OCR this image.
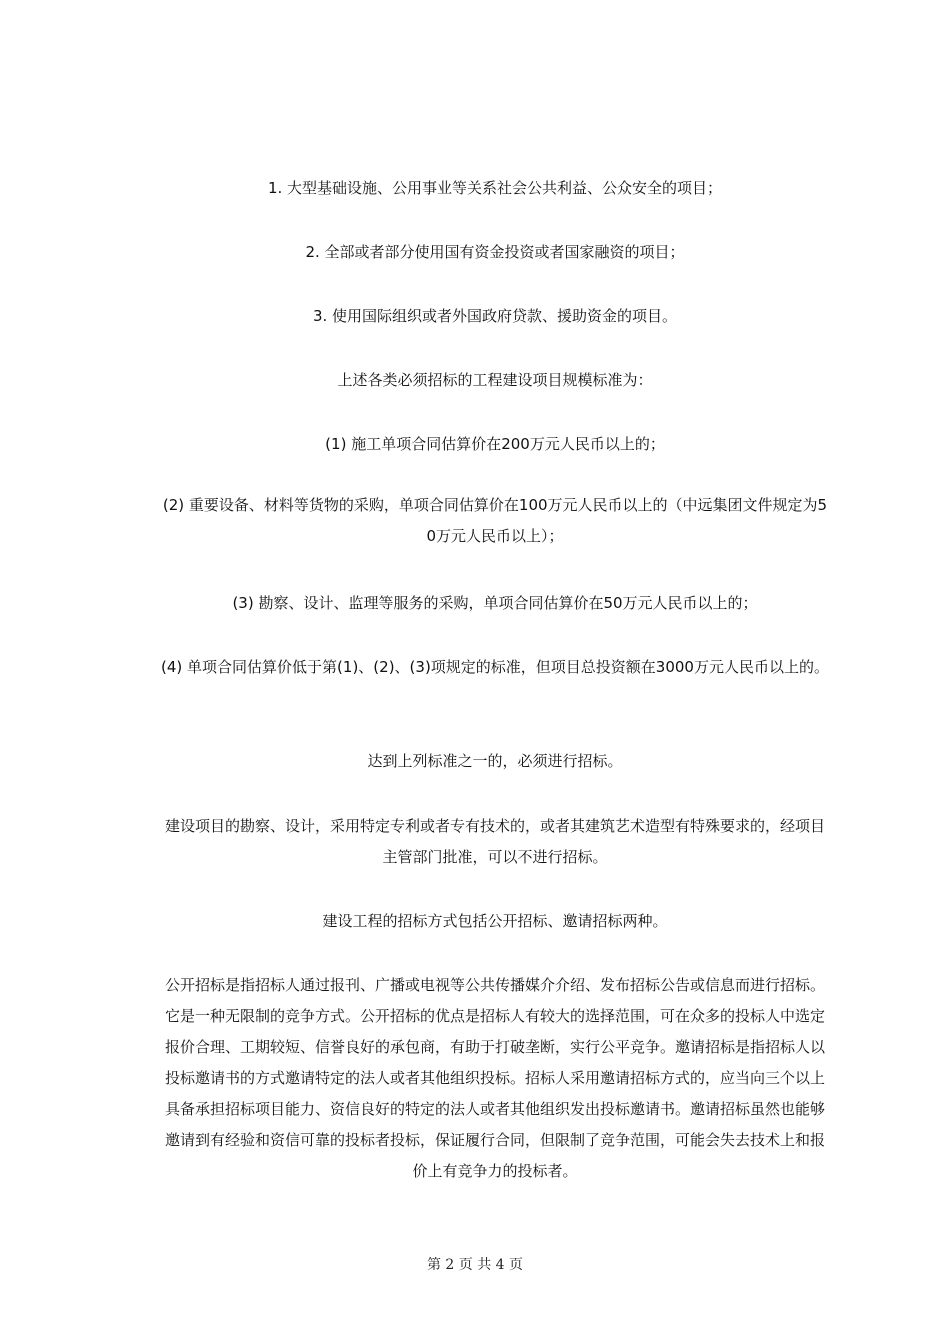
1. 大型基础设施、公用事业等关系社会公共利益、公众安全的项目；

2. 全部或者部分使用国有资金投资或者国家融资的项目；

3. 使用国际组织或者外国政府贷款、援助资金的项目。

上述各类必须招标的工程建设项目规模标准为：

(1) 施工单项合同估算价在200万元人民币以上的；

(2) 重要设备、材料等货物的采购，单项合同估算价在100万元人民币以上的（中远集团文件规定为50万元人民币以上）；

(3) 勘察、设计、监理等服务的采购，单项合同估算价在50万元人民币以上的；

(4) 单项合同估算价低于第(1)、(2)、(3)项规定的标准，但项目总投资额在3000万元人民币以上的。

达到上列标准之一的，必须进行招标。

建设项目的勘察、设计，采用特定专利或者专有技术的，或者其建筑艺术造型有特殊要求的，经项目主管部门批准，可以不进行招标。

建设工程的招标方式包括公开招标、邀请招标两种。

公开招标是指招标人通过报刊、广播或电视等公共传播媒介介绍、发布招标公告或信息而进行招标。它是一种无限制的竞争方式。公开招标的优点是招标人有较大的选择范围，可在众多的投标人中选定报价合理、工期较短、信誉良好的承包商，有助于打破垄断，实行公平竞争。邀请招标是指招标人以投标邀请书的方式邀请特定的法人或者其他组织投标。招标人采用邀请招标方式的，应当向三个以上具备承担招标项目能力、资信良好的特定的法人或者其他组织发出投标邀请书。邀请招标虽然也能够邀请到有经验和资信可靠的投标者投标，保证履行合同，但限制了竞争范围，可能会失去技术上和报价上有竞争力的投标者。

第 2 页 共 4 页
